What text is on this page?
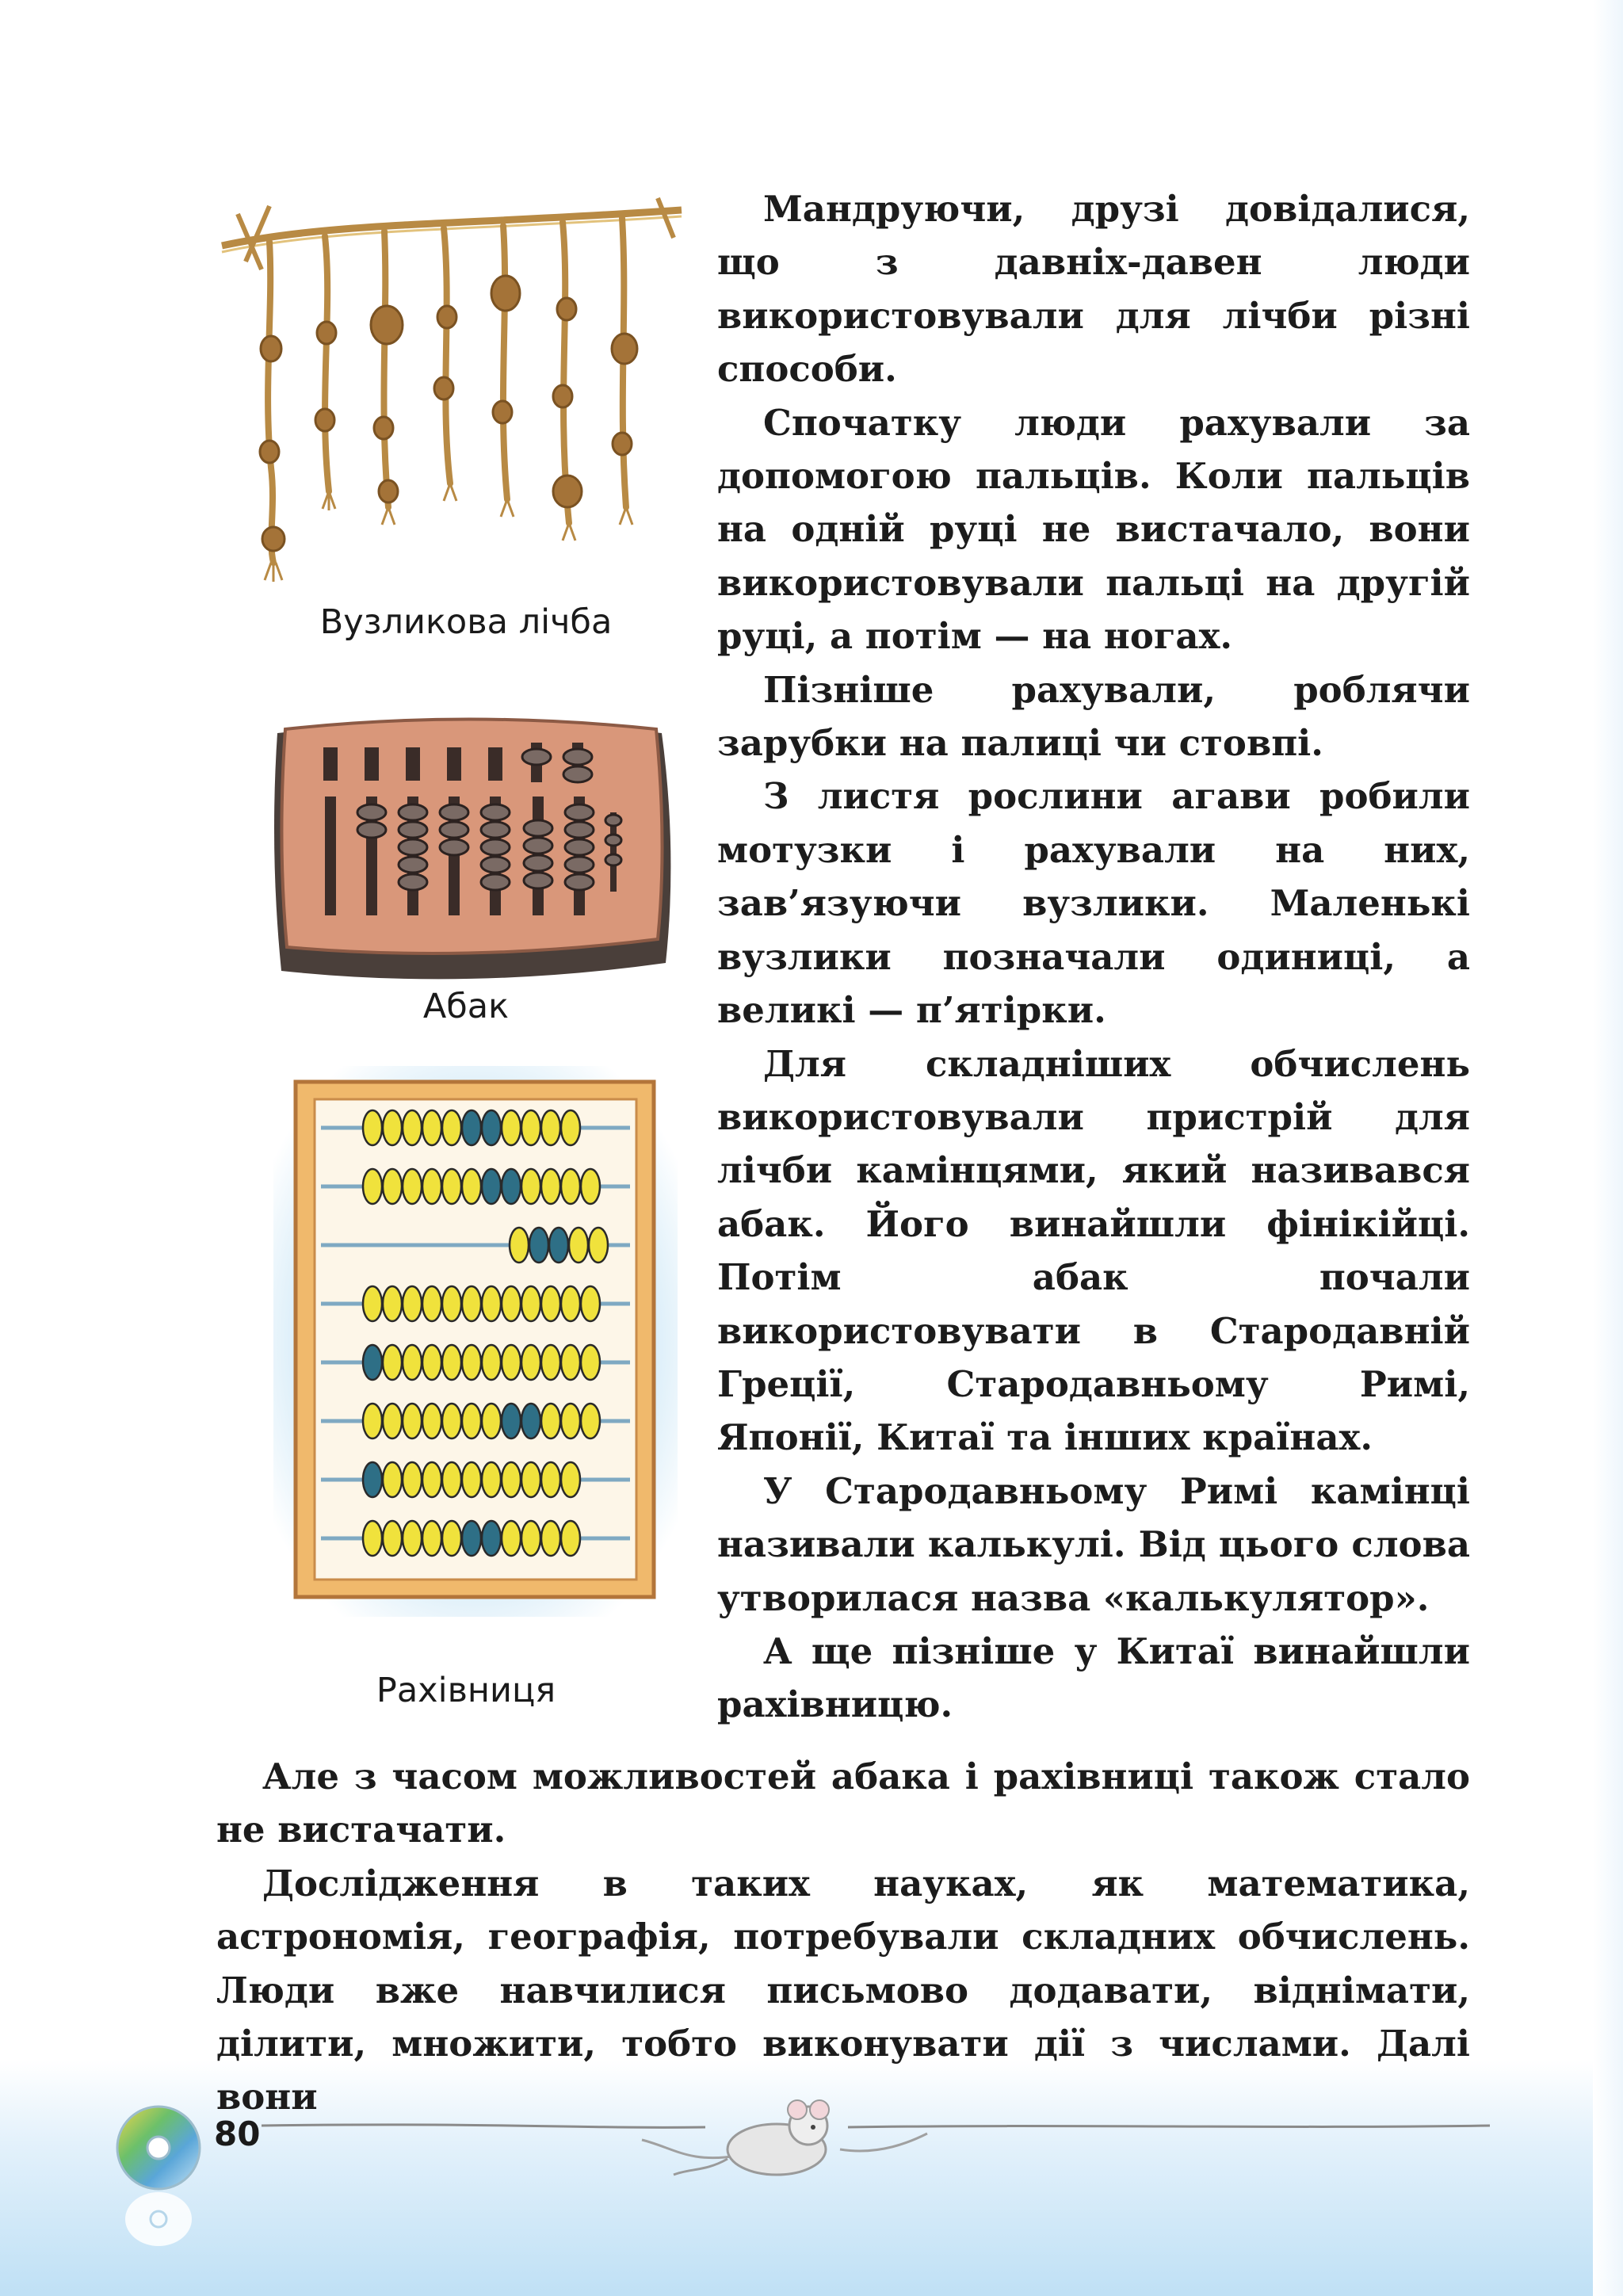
Вузликова лічба
Абак
Рахівниця

Мандруючи, друзі довідалися, що з давніх-давен люди використовували для лічби різні способи.

Спочатку люди рахували за допомогою пальців. Коли пальців на одній руці не вистачало, вони використовували пальці на другій руці, а потім — на ногах.

Пізніше рахували, роблячи зарубки на палиці чи стовпі.

З листя рослини агави робили мотузки і рахували на них, зав’язуючи вузлики. Маленькі вузлики позначали одиниці, а великі — п’ятірки.

Для складніших обчислень використовували пристрій для лічби камінцями, який називався абак. Його винайшли фінікійці. Потім абак почали використовувати в Стародавній Греції, Стародавньому Римі, Японії, Китаї та інших країнах.

У Стародавньому Римі камінці називали калькулі. Від цього слова утворилася назва «калькулятор».

А ще пізніше у Китаї винайшли рахівницю.

Але з часом можливостей абака і рахівниці також стало не вистачати.

Дослідження в таких науках, як математика, астрономія, географія, потребували складних обчислень. Люди вже навчилися письмово додавати, віднімати, ділити, множити, тобто виконувати дії з числами. Далі вони

80
